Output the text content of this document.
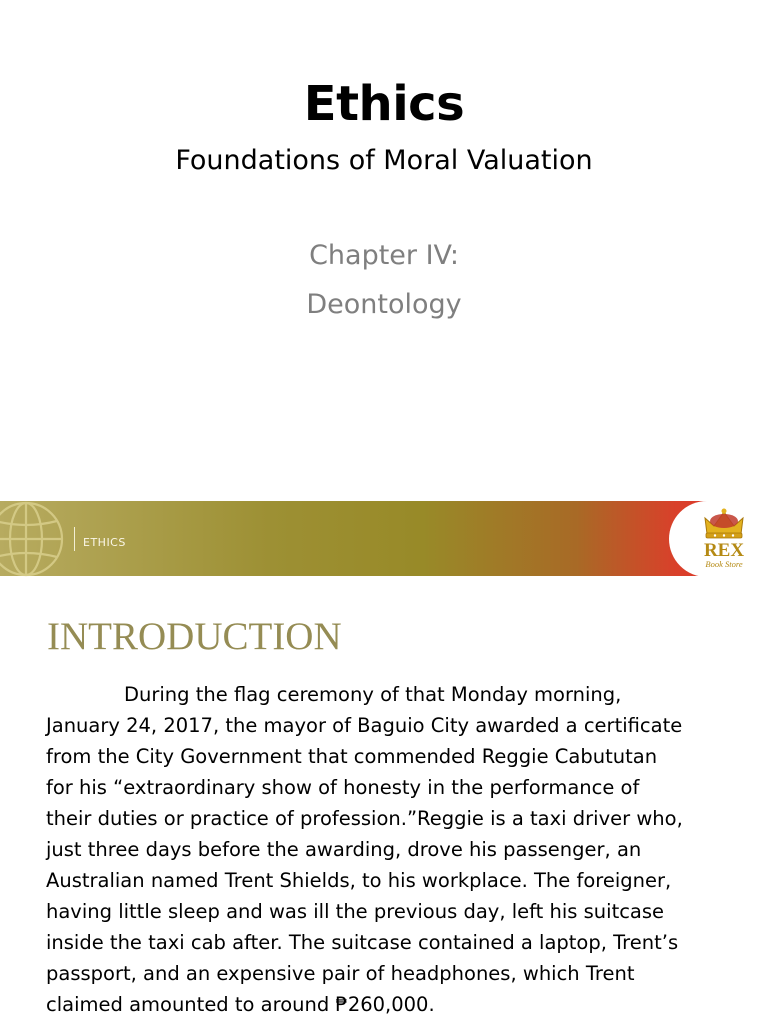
Ethics
Foundations of Moral Valuation
Chapter IV:
Deontology
ETHICS	REX
Book Store
INTRODUCTION
During the flag ceremony of that Monday morning,
January 24, 2017, the mayor of Baguio City awarded a certificate
from the City Government that commended Reggie Cabututan
for his “extraordinary show of honesty in the performance of
their duties or practice of profession.”Reggie is a taxi driver who,
just three days before the awarding, drove his passenger, an
Australian named Trent Shields, to his workplace. The foreigner,
having little sleep and was ill the previous day, left his suitcase
inside the taxi cab after. The suitcase contained a laptop, Trent’s
passport, and an expensive pair of headphones, which Trent
claimed amounted to around ₱260,000.
